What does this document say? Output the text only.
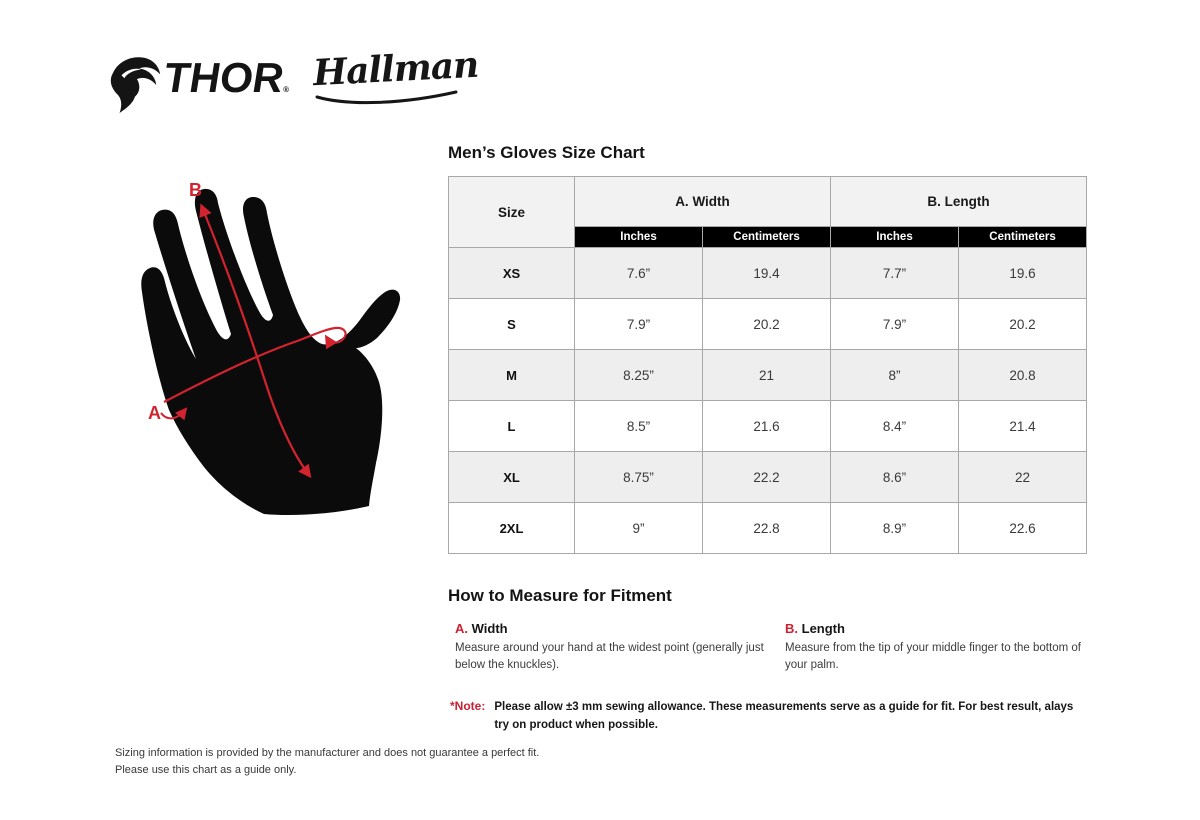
THOR® Hallman
B
A
Men’s Gloves Size Chart
Size	A. Width		B. Length	
	Inches	Centimeters	Inches	Centimeters
XS	7.6”	19.4	7.7”	19.6
S	7.9”	20.2	7.9”	20.2
M	8.25”	21	8”	20.8
L	8.5”	21.6	8.4”	21.4
XL	8.75”	22.2	8.6”	22
2XL	9”	22.8	8.9”	22.6
How to Measure for Fitment
A. Width
Measure around your hand at the widest point (generally just below the knuckles).
B. Length
Measure from the tip of your middle finger to the bottom of your palm.
*Note: Please allow ±3 mm sewing allowance. These measurements serve as a guide for fit. For best result, alays try on product when possible.
Sizing information is provided by the manufacturer and does not guarantee a perfect fit.
Please use this chart as a guide only.
